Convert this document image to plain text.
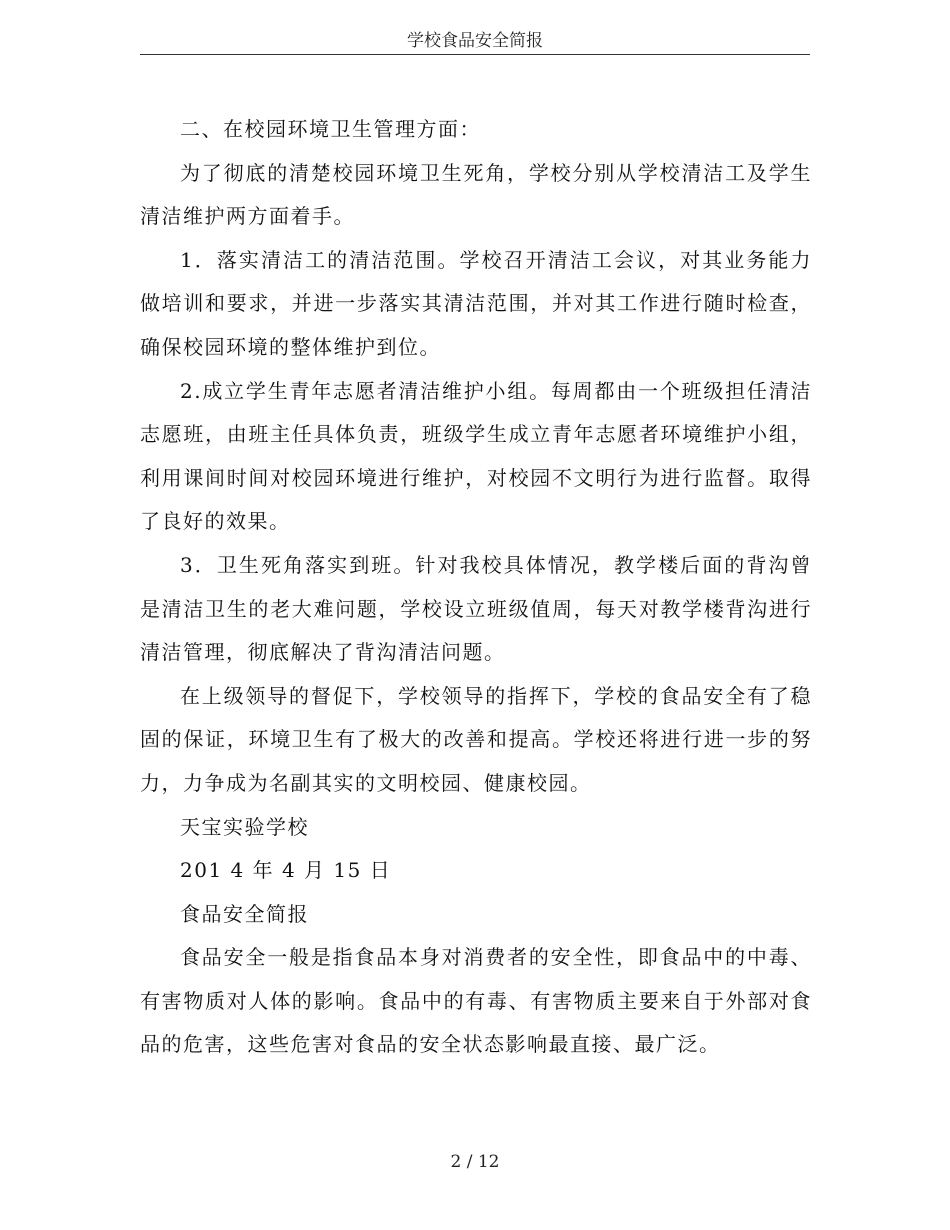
学校食品安全简报

二、在校园环境卫生管理方面：

为了彻底的清楚校园环境卫生死角，学校分别从学校清洁工及学生清洁维护两方面着手。

1．落实清洁工的清洁范围。学校召开清洁工会议，对其业务能力做培训和要求，并进一步落实其清洁范围，并对其工作进行随时检查，确保校园环境的整体维护到位。

2.成立学生青年志愿者清洁维护小组。每周都由一个班级担任清洁志愿班，由班主任具体负责，班级学生成立青年志愿者环境维护小组，利用课间时间对校园环境进行维护，对校园不文明行为进行监督。取得了良好的效果。

3．卫生死角落实到班。针对我校具体情况，教学楼后面的背沟曾是清洁卫生的老大难问题，学校设立班级值周，每天对教学楼背沟进行清洁管理，彻底解决了背沟清洁问题。

在上级领导的督促下，学校领导的指挥下，学校的食品安全有了稳固的保证，环境卫生有了极大的改善和提高。学校还将进行进一步的努力，力争成为名副其实的文明校园、健康校园。

天宝实验学校

201 4 年 4 月 15 日

食品安全简报

食品安全一般是指食品本身对消费者的安全性，即食品中的中毒、有害物质对人体的影响。食品中的有毒、有害物质主要来自于外部对食品的危害，这些危害对食品的安全状态影响最直接、最广泛。

2 / 12
